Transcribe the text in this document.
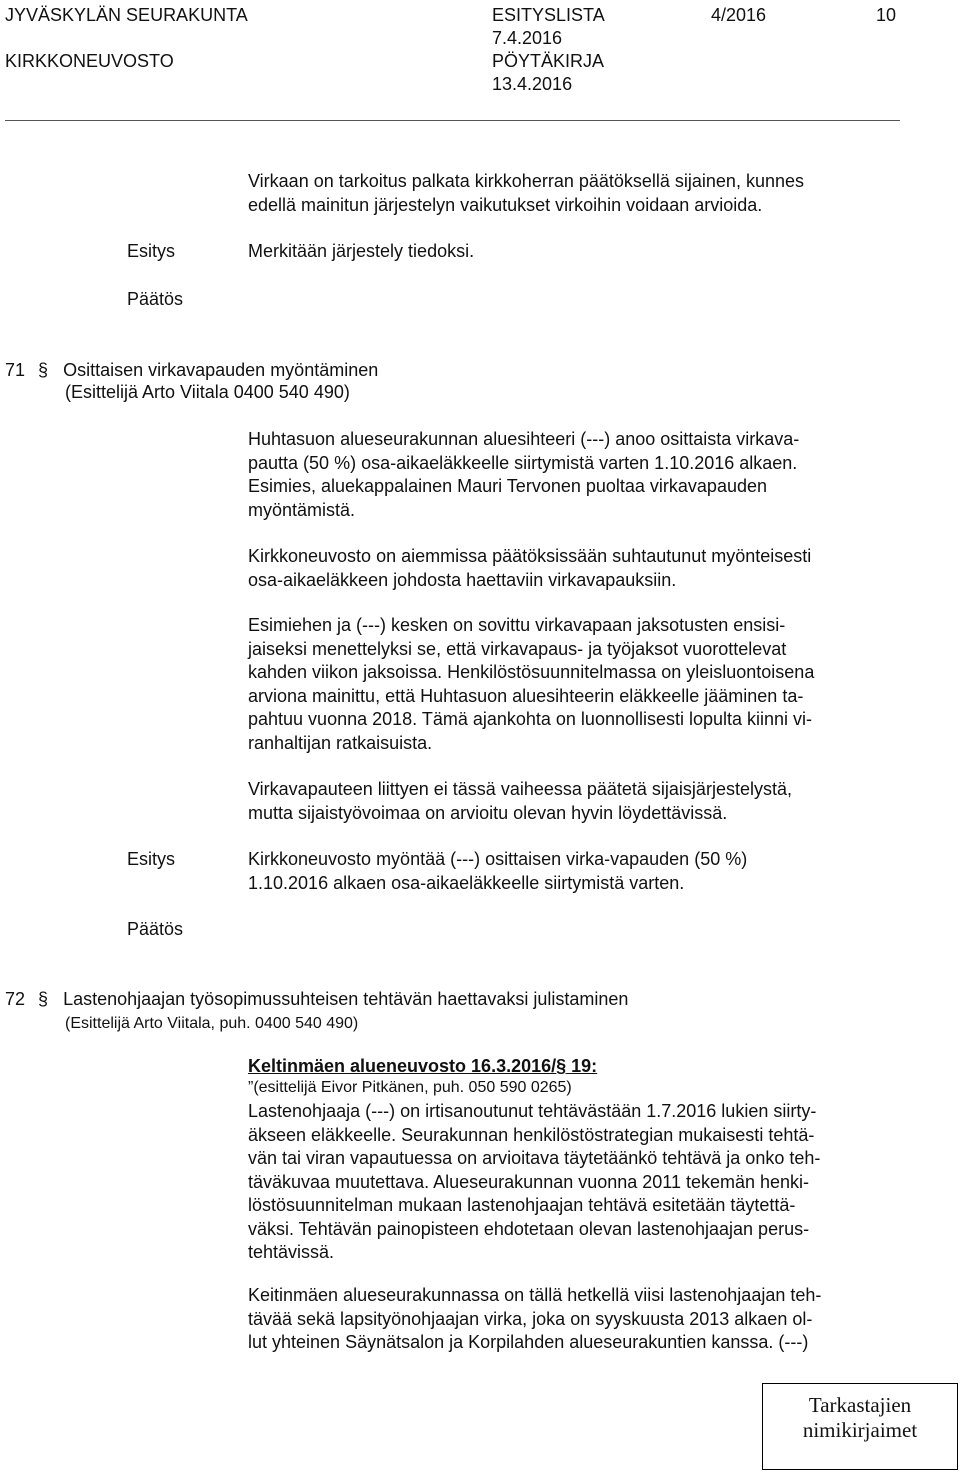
JYVÄSKYLÄN SEURAKUNTA
KIRKKONEUVOSTO
ESITYSLISTA
7.4.2016
PÖYTÄKIRJA
13.4.2016
4/2016	10
Virkaan on tarkoitus palkata kirkkoherran päätöksellä sijainen, kunnes
edellä mainitun järjestelyn vaikutukset virkoihin voidaan arvioida.
Esitys	Merkitään järjestely tiedoksi.
Päätös
71 § Osittaisen virkavapauden myöntäminen
(Esittelijä Arto Viitala 0400 540 490)
Huhtasuon alueseurakunnan aluesihteeri (---) anoo osittaista virkava-
pautta (50 %) osa-aikaeläkkeelle siirtymistä varten 1.10.2016 alkaen.
Esimies, aluekappalainen Mauri Tervonen puoltaa virkavapauden
myöntämistä.
Kirkkoneuvosto on aiemmissa päätöksissään suhtautunut myönteisesti
osa-aikaeläkkeen johdosta haettaviin virkavapauksiin.
Esimiehen ja (---) kesken on sovittu virkavapaan jaksotusten ensisi-
jaiseksi menettelyksi se, että virkavapaus- ja työjaksot vuorottelevat
kahden viikon jaksoissa. Henkilöstösuunnitelmassa on yleisluontoisena
arviona mainittu, että Huhtasuon aluesihteerin eläkkeelle jääminen ta-
pahtuu vuonna 2018. Tämä ajankohta on luonnollisesti lopulta kiinni vi-
ranhaltijan ratkaisuista.
Virkavapauteen liittyen ei tässä vaiheessa päätetä sijaisjärjestelystä,
mutta sijaistyövoimaa on arvioitu olevan hyvin löydettävissä.
Esitys	Kirkkoneuvosto myöntää (---) osittaisen virka-vapauden (50 %)
1.10.2016 alkaen osa-aikaeläkkeelle siirtymistä varten.
Päätös
72 § Lastenohjaajan työsopimussuhteisen tehtävän haettavaksi julistaminen
(Esittelijä Arto Viitala, puh. 0400 540 490)
Keltinmäen alueneuvosto 16.3.2016/§ 19:
”(esittelijä Eivor Pitkänen, puh. 050 590 0265)
Lastenohjaaja (---) on irtisanoutunut tehtävästään 1.7.2016 lukien siirty-
äkseen eläkkeelle. Seurakunnan henkilöstöstrategian mukaisesti tehtä-
vän tai viran vapautuessa on arvioitava täytetäänkö tehtävä ja onko teh-
täväkuvaa muutettava. Alueseurakunnan vuonna 2011 tekemän henki-
löstösuunnitelman mukaan lastenohjaajan tehtävä esitetään täytettä-
väksi. Tehtävän painopisteen ehdotetaan olevan lastenohjaajan perus-
tehtävissä.
Keitinmäen alueseurakunnassa on tällä hetkellä viisi lastenohjaajan teh-
tävää sekä lapsityönohjaajan virka, joka on syyskuusta 2013 alkaen ol-
lut yhteinen Säynätsalon ja Korpilahden alueseurakuntien kanssa. (---)
Tarkastajien
nimikirjaimet
